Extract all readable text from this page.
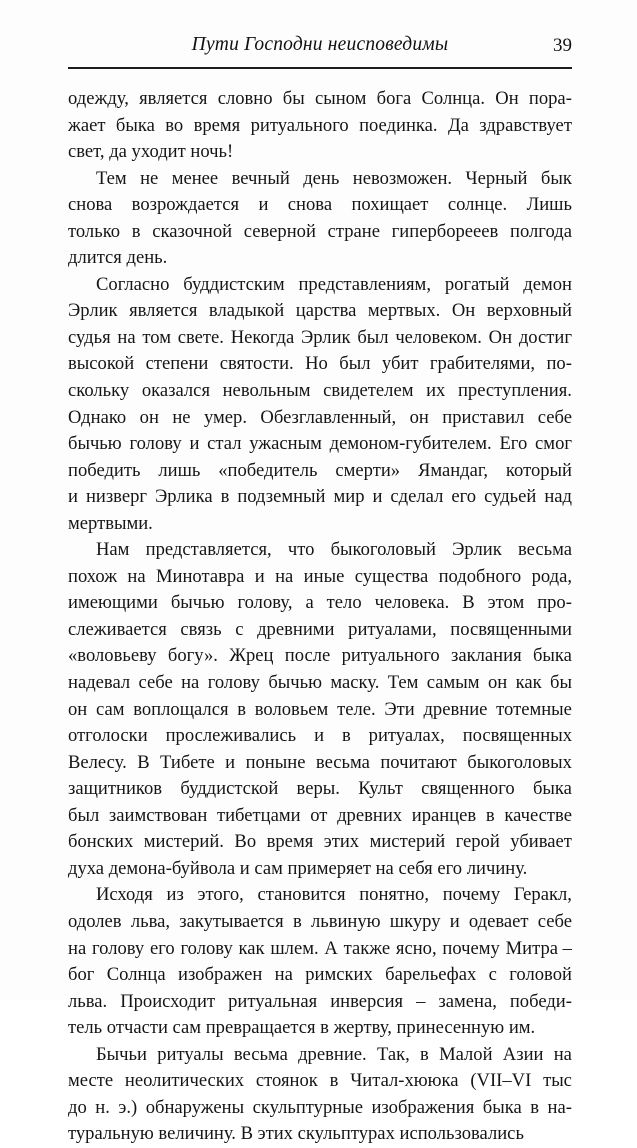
Пути Господни неисповедимы	39

одежду, является словно бы сыном бога Солнца. Он пора-
жает быка во время ритуального поединка. Да здравствует
свет, да уходит ночь!

Тем не менее вечный день невозможен. Черный бык
снова возрождается и снова похищает солнце. Лишь
только в сказочной северной стране гиперборееев полгода
длится день.

Согласно буддистским представлениям, рогатый демон
Эрлик является владыкой царства мертвых. Он верховный
судья на том свете. Некогда Эрлик был человеком. Он достиг
высокой степени святости. Но был убит грабителями, по-
скольку оказался невольным свидетелем их преступления.
Однако он не умер. Обезглавленный, он приставил себе
бычью голову и стал ужасным демоном-губителем. Его смог
победить лишь «победитель смерти» Ямандаг, который
и низверг Эрлика в подземный мир и сделал его судьей над
мертвыми.

Нам представляется, что быкоголовый Эрлик весьма
похож на Минотавра и на иные существа подобного рода,
имеющими бычью голову, а тело человека. В этом про-
слеживается связь с древними ритуалами, посвященными
«воловьеву богу». Жрец после ритуального заклания быка
надевал себе на голову бычью маску. Тем самым он как бы
он сам воплощался в воловьем теле. Эти древние тотемные
отголоски прослеживались и в ритуалах, посвященных
Велесу. В Тибете и поныне весьма почитают быкоголовых
защитников буддистской веры. Культ священного быка
был заимствован тибетцами от древних иранцев в качестве
бонских мистерий. Во время этих мистерий герой убивает
духа демона-буйвола и сам примеряет на себя его личину.

Исходя из этого, становится понятно, почему Геракл,
одолев льва, закутывается в львиную шкуру и одевает себе
на голову его голову как шлем. А также ясно, почему Митра –
бог Солнца изображен на римских барельефах с головой
льва. Происходит ритуальная инверсия – замена, победи-
тель отчасти сам превращается в жертву, принесенную им.

Бычьи ритуалы весьма древние. Так, в Малой Азии на
месте неолитических стоянок в Читал-хююка (VII–VI тыс
до н. э.) обнаружены скульптурные изображения быка в на-
туральную величину. В этих скульптурах использовались
